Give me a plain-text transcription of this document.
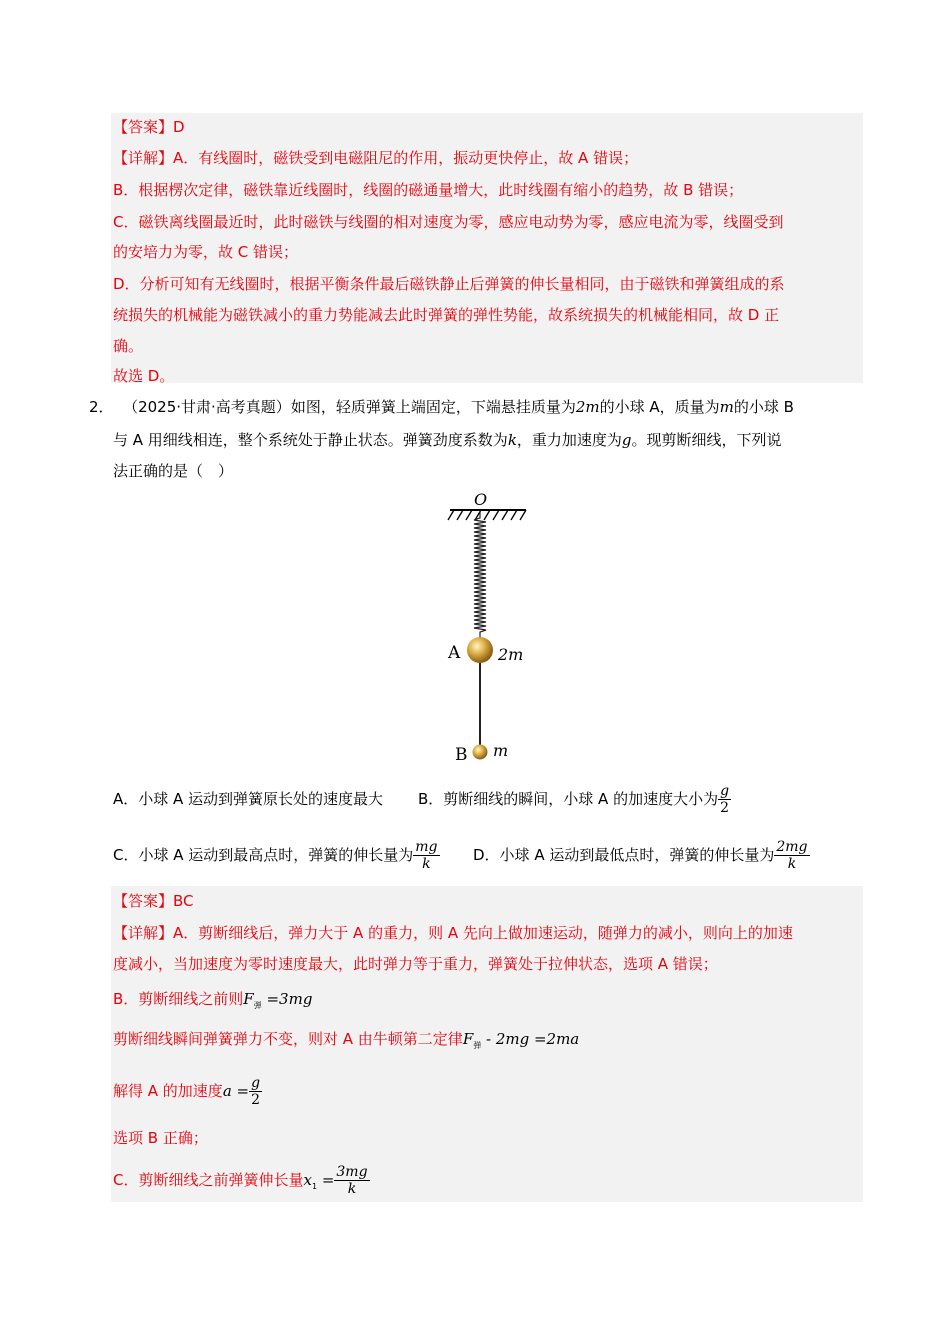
【答案】D
【详解】A．有线圈时，磁铁受到电磁阻尼的作用，振动更快停止，故 A 错误；
B．根据楞次定律，磁铁靠近线圈时，线圈的磁通量增大，此时线圈有缩小的趋势，故 B 错误；
C．磁铁离线圈最近时，此时磁铁与线圈的相对速度为零，感应电动势为零，感应电流为零，线圈受到
的安培力为零，故 C 错误；
D．分析可知有无线圈时，根据平衡条件最后磁铁静止后弹簧的伸长量相同，由于磁铁和弹簧组成的系
统损失的机械能为磁铁减小的重力势能减去此时弹簧的弹性势能，故系统损失的机械能相同，故 D 正
确。
故选 D。
2． （2025·甘肃·高考真题）如图，轻质弹簧上端固定，下端悬挂质量为2m的小球 A，质量为m的小球 B
与 A 用细线相连，整个系统处于静止状态。弹簧劲度系数为k，重力加速度为g。现剪断细线，下列说
法正确的是（　）
O
A 2m
B m
A．小球 A 运动到弹簧原长处的速度最大 B．剪断细线的瞬间，小球 A 的加速度大小为 $\frac{g}{2}$
C．小球 A 运动到最高点时，弹簧的伸长量为 $\frac{mg}{k}$ D．小球 A 运动到最低点时，弹簧的伸长量为 $\frac{2mg}{k}$
【答案】BC
【详解】A．剪断细线后，弹力大于 A 的重力，则 A 先向上做加速运动，随弹力的减小，则向上的加速
度减小，当加速度为零时速度最大，此时弹力等于重力，弹簧处于拉伸状态，选项 A 错误；
B．剪断细线之前则$F_弹 =3mg$
剪断细线瞬间弹簧弹力不变，则对 A 由牛顿第二定律$F_弹 - 2mg =2ma$
解得 A 的加速度$a = \frac{g}{2}$
选项 B 正确；
C．剪断细线之前弹簧伸长量$x_1 = \frac{3mg}{k}$
